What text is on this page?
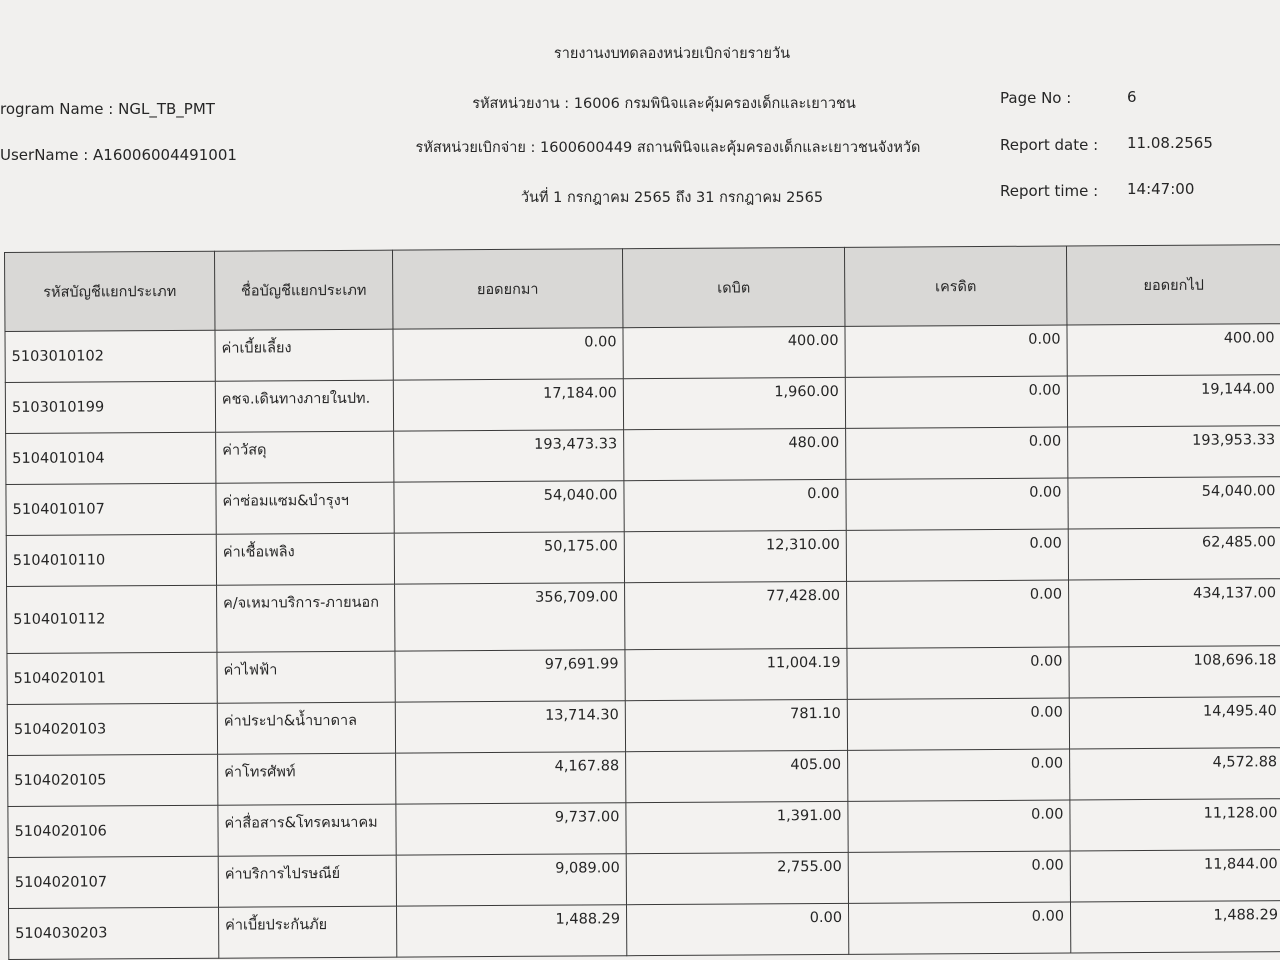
รายงานงบทดลองหน่วยเบิกจ่ายรายวัน
รหัสหน่วยงาน : 16006 กรมพินิจและคุ้มครองเด็กและเยาวชน
รหัสหน่วยเบิกจ่าย : 1600600449 สถานพินิจและคุ้มครองเด็กและเยาวชนจังหวัด
วันที่ 1 กรกฎาคม 2565 ถึง 31 กรกฎาคม 2565
rogram Name : NGL_TB_PMT
UserName : A16006004491001
Page No :	6
Report date : 11.08.2565
Report time : 14:47:00
รหัสบัญชีแยกประเภท	ชื่อบัญชีแยกประเภท	ยอดยกมา	เดบิต	เครดิต	ยอดยกไป
5103010102	ค่าเบี้ยเลี้ยง	0.00	400.00	0.00	400.00
5103010199	คชจ.เดินทางภายในปท.	17,184.00	1,960.00	0.00	19,144.00
5104010104	ค่าวัสดุ	193,473.33	480.00	0.00	193,953.33
5104010107	ค่าซ่อมแซม&บำรุงฯ	54,040.00	0.00	0.00	54,040.00
5104010110	ค่าเชื้อเพลิง	50,175.00	12,310.00	0.00	62,485.00
5104010112	ค/จเหมาบริการ-ภายนอก	356,709.00	77,428.00	0.00	434,137.00
5104020101	ค่าไฟฟ้า	97,691.99	11,004.19	0.00	108,696.18
5104020103	ค่าประปา&น้ำบาดาล	13,714.30	781.10	0.00	14,495.40
5104020105	ค่าโทรศัพท์	4,167.88	405.00	0.00	4,572.88
5104020106	ค่าสื่อสาร&โทรคมนาคม	9,737.00	1,391.00	0.00	11,128.00
5104020107	ค่าบริการไปรษณีย์	9,089.00	2,755.00	0.00	11,844.00
5104030203	ค่าเบี้ยประกันภัย	1,488.29	0.00	0.00	1,488.29
